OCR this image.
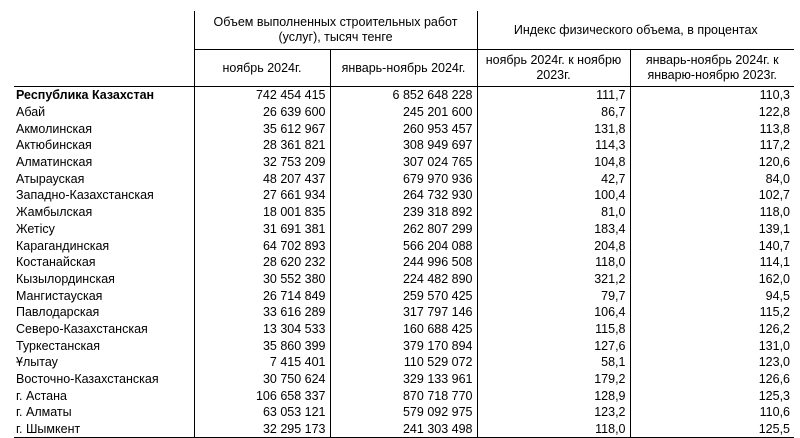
	Объем выполненных строительных работ (услуг), тысяч тенге		Индекс физического объема, в процентах	
	ноябрь 2024г.	январь-ноябрь 2024г.	ноябрь 2024г. к ноябрю 2023г.	январь-ноябрь 2024г. к январю-ноябрю 2023г.
Республика Казахстан	742 454 415	6 852 648 228	111,7	110,3
Абай	26 639 600	245 201 600	86,7	122,8
Акмолинская	35 612 967	260 953 457	131,8	113,8
Актюбинская	28 361 821	308 949 697	114,3	117,2
Алматинская	32 753 209	307 024 765	104,8	120,6
Атырауская	48 207 437	679 970 936	42,7	84,0
Западно-Казахстанская	27 661 934	264 732 930	100,4	102,7
Жамбылская	18 001 835	239 318 892	81,0	118,0
Жетісу	31 691 381	262 807 299	183,4	139,1
Карагандинская	64 702 893	566 204 088	204,8	140,7
Костанайская	28 620 232	244 996 508	118,0	114,1
Кызылординская	30 552 380	224 482 890	321,2	162,0
Мангистауская	26 714 849	259 570 425	79,7	94,5
Павлодарская	33 616 289	317 797 146	106,4	115,2
Северо-Казахстанская	13 304 533	160 688 425	115,8	126,2
Туркестанская	35 860 399	379 170 894	127,6	131,0
Ұлытау	7 415 401	110 529 072	58,1	123,0
Восточно-Казахстанская	30 750 624	329 133 961	179,2	126,6
г. Астана	106 658 337	870 718 770	128,9	125,3
г. Алматы	63 053 121	579 092 975	123,2	110,6
г. Шымкент	32 295 173	241 303 498	118,0	125,5
